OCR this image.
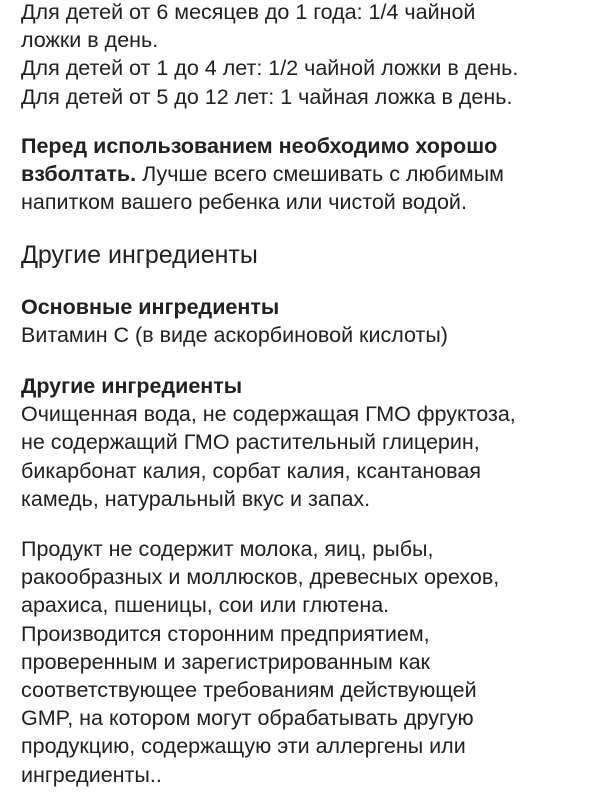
Для детей от 6 месяцев до 1 года: 1/4 чайной
ложки в день.
Для детей от 1 до 4 лет: 1/2 чайной ложки в день.
Для детей от 5 до 12 лет: 1 чайная ложка в день.
Перед использованием необходимо хорошо
взболтать. Лучше всего смешивать с любимым
напитком вашего ребенка или чистой водой.
Другие ингредиенты
Основные ингредиенты
Витамин С (в виде аскорбиновой кислоты)
Другие ингредиенты
Очищенная вода, не содержащая ГМО фруктоза,
не содержащий ГМО растительный глицерин,
бикарбонат калия, сорбат калия, ксантановая
камедь, натуральный вкус и запах.
Продукт не содержит молока, яиц, рыбы,
ракообразных и моллюсков, древесных орехов,
арахиса, пшеницы, сои или глютена.
Производится сторонним предприятием,
проверенным и зарегистрированным как
соответствующее требованиям действующей
GMP, на котором могут обрабатывать другую
продукцию, содержащую эти аллергены или
ингредиенты..
